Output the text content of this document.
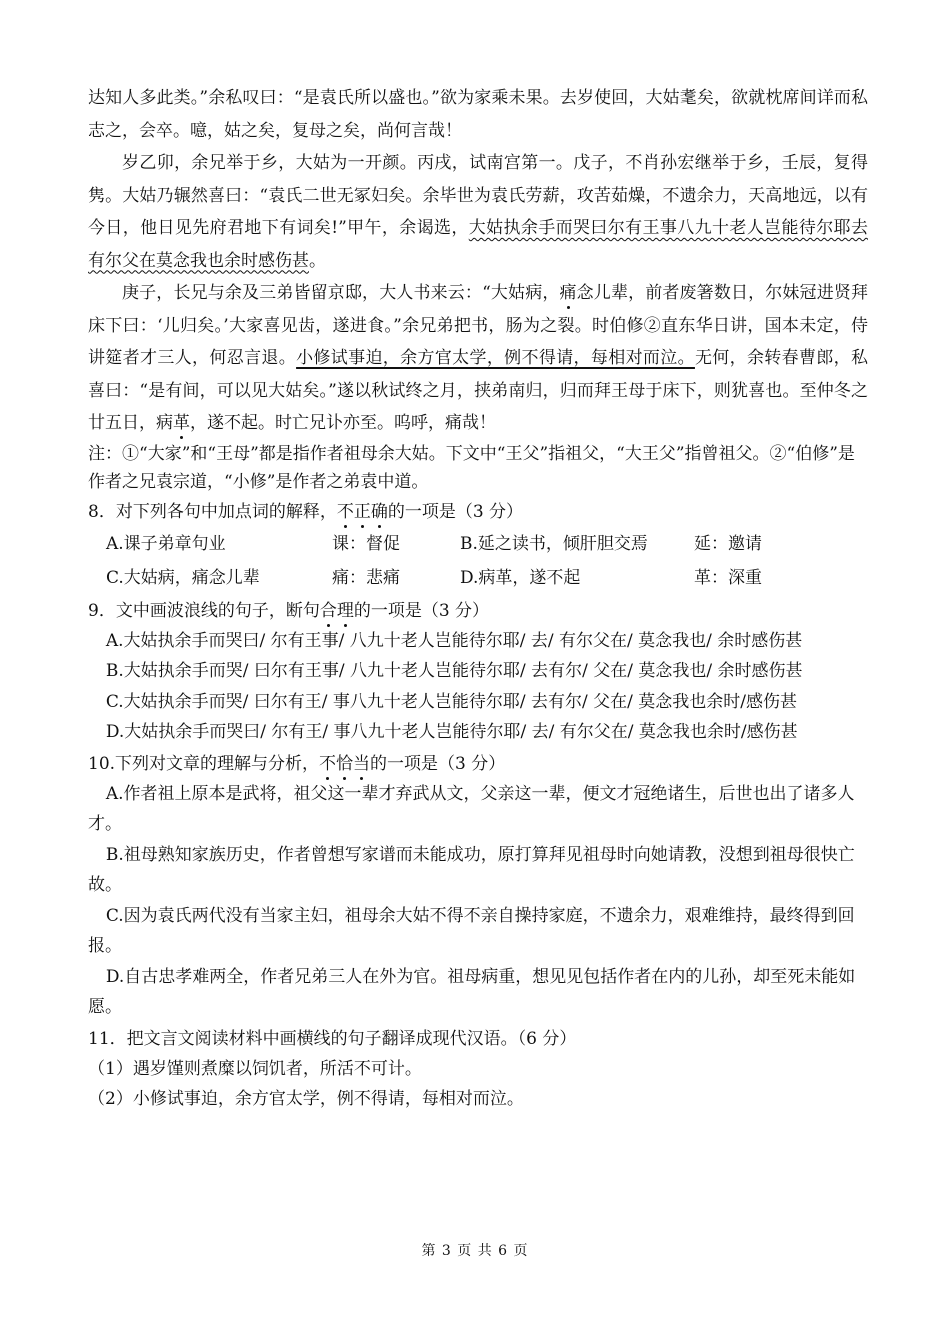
达知人多此类。”余私叹曰：“是袁氏所以盛也。”欲为家乘未果。去岁使回，大姑耄矣，欲就枕席间详而私志之，会卒。噫，姑之矣，复母之矣，尚何言哉！

岁乙卯，余兄举于乡，大姑为一开颜。丙戌，试南宫第一。戊子，不肖孙宏继举于乡，壬辰，复得隽。大姑乃辗然喜曰：“袁氏二世无冢妇矣。余毕世为袁氏劳薪，攻苦茹燥，不遗余力，天高地远，以有今日，他日见先府君地下有词矣!”甲午，余谒选，大姑执余手而哭曰尔有王事八九十老人岂能待尔耶去有尔父在莫念我也余时感伤甚。

庚子，长兄与余及三弟皆留京邸，大人书来云：“大姑病，痛念儿辈，前者废箸数日，尔妹冠进贤拜床下曰：‘儿归矣。’大家喜见齿，遂进食。”余兄弟把书，肠为之裂。时伯修②直东华日讲，国本未定，侍讲筵者才三人，何忍言退。小修试事迫，余方官太学，例不得请，每相对而泣。无何，余转春曹郎，私喜曰：“是有间，可以见大姑矣。”遂以秋试终之月，挟弟南归，归而拜王母于床下，则犹喜也。至仲冬之廿五日，病革，遂不起。时亡兄讣亦至。呜呼，痛哉！

注：①“大家”和“王母”都是指作者祖母余大姑。下文中“王父”指祖父，“大王父”指曾祖父。②“伯修”是作者之兄袁宗道，“小修”是作者之弟袁中道。

8．对下列各句中加点词的解释，不正确的一项是（3 分）

A.课子弟章句业	课：督促	B.延之读书，倾肝胆交焉	延：邀请
C.大姑病，痛念儿辈	痛：悲痛	D.病革，遂不起	革：深重

9．文中画波浪线的句子，断句合理的一项是（3 分）

A.大姑执余手而哭曰/ 尔有王事/ 八九十老人岂能待尔耶/ 去/ 有尔父在/ 莫念我也/ 余时感伤甚

B.大姑执余手而哭/ 曰尔有王事/ 八九十老人岂能待尔耶/ 去有尔/ 父在/ 莫念我也/ 余时感伤甚

C.大姑执余手而哭/ 曰尔有王/ 事八九十老人岂能待尔耶/ 去有尔/ 父在/ 莫念我也余时/感伤甚

D.大姑执余手而哭曰/ 尔有王/ 事八九十老人岂能待尔耶/ 去/ 有尔父在/ 莫念我也余时/感伤甚

10.下列对文章的理解与分析，不恰当的一项是（3 分）

A.作者祖上原本是武将，祖父这一辈才弃武从文，父亲这一辈，便文才冠绝诸生，后世也出了诸多人才。

B.祖母熟知家族历史，作者曾想写家谱而未能成功，原打算拜见祖母时向她请教，没想到祖母很快亡故。

C.因为袁氏两代没有当家主妇，祖母余大姑不得不亲自操持家庭，不遗余力，艰难维持，最终得到回报。

D.自古忠孝难两全，作者兄弟三人在外为官。祖母病重，想见见包括作者在内的儿孙，却至死未能如愿。

11．把文言文阅读材料中画横线的句子翻译成现代汉语。（6 分）

（1）遇岁馑则煮糜以饲饥者，所活不可计。

（2）小修试事迫，余方官太学，例不得请，每相对而泣。

第 3 页 共 6 页
